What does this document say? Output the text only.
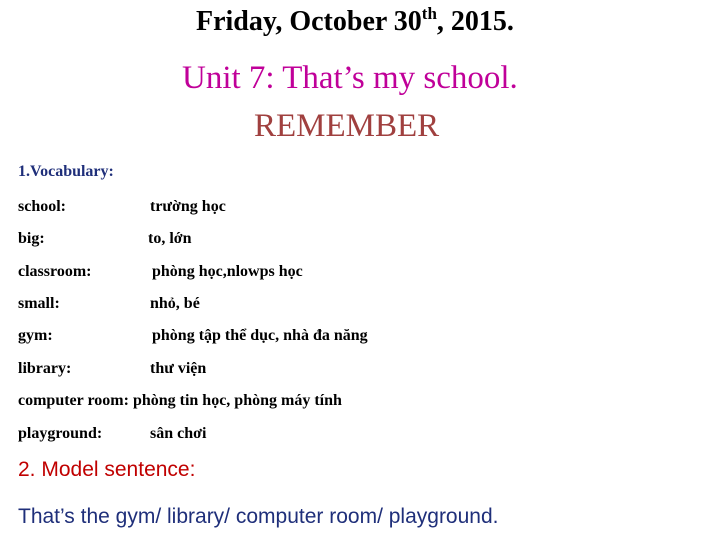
Friday, October 30th, 2015.
Unit 7: That’s my school.
REMEMBER
1.Vocabulary:
school:	trường học
big:	to, lớn
classroom:	phòng học,nlowps học
small:	nhỏ, bé
gym:	phòng tập thể dục, nhà đa năng
library:	thư viện
computer room: phòng tin học, phòng máy tính
playground:	sân chơi
2. Model sentence:
That’s the gym/ library/ computer room/ playground.
